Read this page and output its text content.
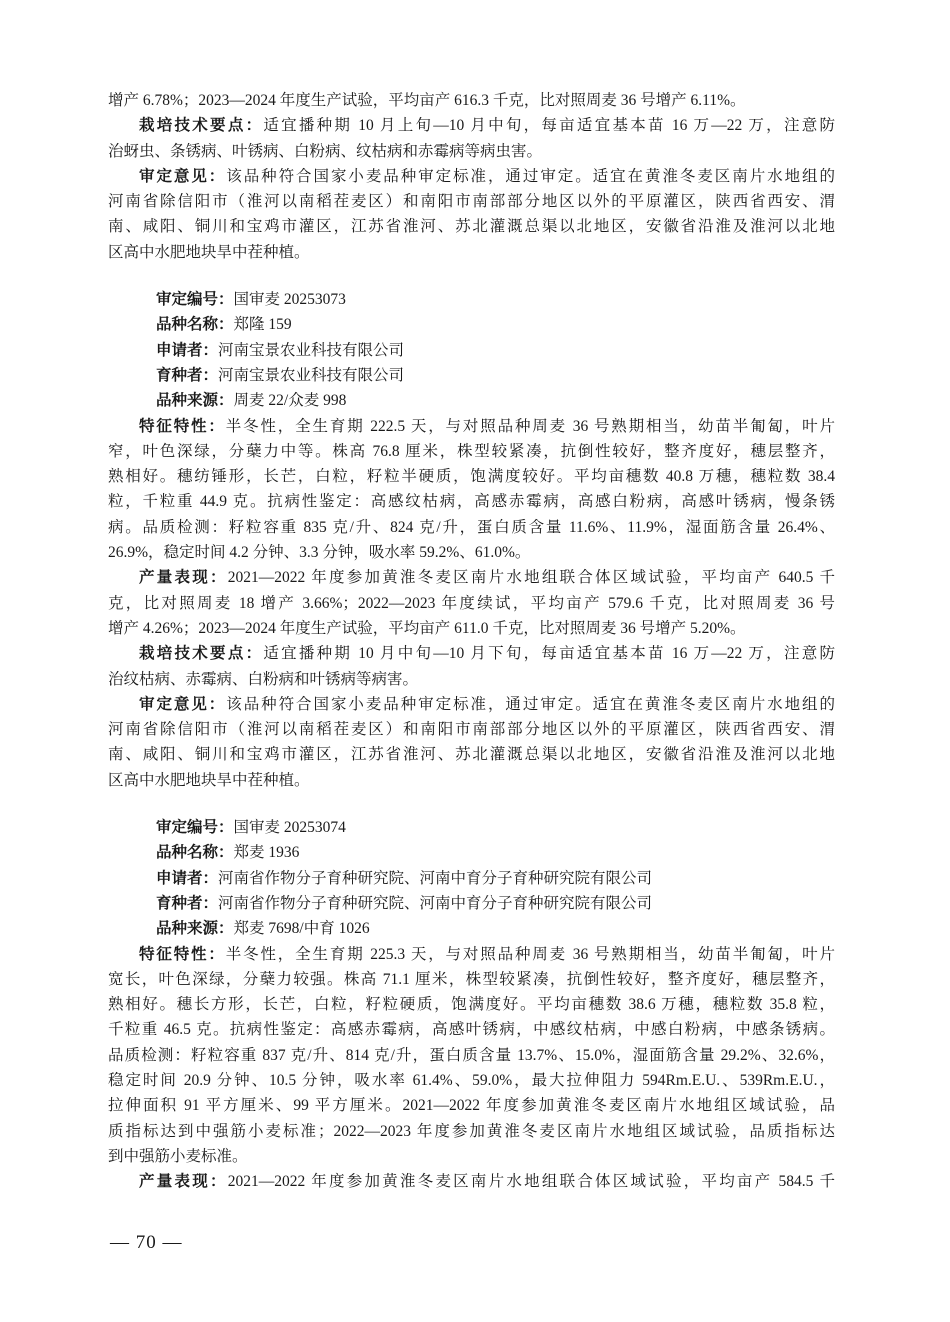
增产 6.78%；2023—2024 年度生产试验，平均亩产 616.3 千克，比对照周麦 36 号增产 6.11%。
栽培技术要点：适宜播种期 10 月上旬—10 月中旬，每亩适宜基本苗 16 万—22 万，注意防
治蚜虫、条锈病、叶锈病、白粉病、纹枯病和赤霉病等病虫害。
审定意见：该品种符合国家小麦品种审定标准，通过审定。适宜在黄淮冬麦区南片水地组的
河南省除信阳市（淮河以南稻茬麦区）和南阳市南部部分地区以外的平原灌区，陕西省西安、渭
南、咸阳、铜川和宝鸡市灌区，江苏省淮河、苏北灌溉总渠以北地区，安徽省沿淮及淮河以北地
区高中水肥地块旱中茬种植。
审定编号：国审麦 20253073
品种名称：郑隆 159
申请者：河南宝景农业科技有限公司
育种者：河南宝景农业科技有限公司
品种来源：周麦 22/众麦 998
特征特性：半冬性，全生育期 222.5 天，与对照品种周麦 36 号熟期相当，幼苗半匍匐，叶片
窄，叶色深绿，分蘖力中等。株高 76.8 厘米，株型较紧凑，抗倒性较好，整齐度好，穗层整齐，
熟相好。穗纺锤形，长芒，白粒，籽粒半硬质，饱满度较好。平均亩穗数 40.8 万穗，穗粒数 38.4
粒，千粒重 44.9 克。抗病性鉴定：高感纹枯病，高感赤霉病，高感白粉病，高感叶锈病，慢条锈
病。品质检测：籽粒容重 835 克/升、824 克/升，蛋白质含量 11.6%、11.9%，湿面筋含量 26.4%、
26.9%，稳定时间 4.2 分钟、3.3 分钟，吸水率 59.2%、61.0%。
产量表现：2021—2022 年度参加黄淮冬麦区南片水地组联合体区域试验，平均亩产 640.5 千
克，比对照周麦 18 增产 3.66%；2022—2023 年度续试，平均亩产 579.6 千克，比对照周麦 36 号
增产 4.26%；2023—2024 年度生产试验，平均亩产 611.0 千克，比对照周麦 36 号增产 5.20%。
栽培技术要点：适宜播种期 10 月中旬—10 月下旬，每亩适宜基本苗 16 万—22 万，注意防
治纹枯病、赤霉病、白粉病和叶锈病等病害。
审定意见：该品种符合国家小麦品种审定标准，通过审定。适宜在黄淮冬麦区南片水地组的
河南省除信阳市（淮河以南稻茬麦区）和南阳市南部部分地区以外的平原灌区，陕西省西安、渭
南、咸阳、铜川和宝鸡市灌区，江苏省淮河、苏北灌溉总渠以北地区，安徽省沿淮及淮河以北地
区高中水肥地块旱中茬种植。
审定编号：国审麦 20253074
品种名称：郑麦 1936
申请者：河南省作物分子育种研究院、河南中育分子育种研究院有限公司
育种者：河南省作物分子育种研究院、河南中育分子育种研究院有限公司
品种来源：郑麦 7698/中育 1026
特征特性：半冬性，全生育期 225.3 天，与对照品种周麦 36 号熟期相当，幼苗半匍匐，叶片
宽长，叶色深绿，分蘖力较强。株高 71.1 厘米，株型较紧凑，抗倒性较好，整齐度好，穗层整齐，
熟相好。穗长方形，长芒，白粒，籽粒硬质，饱满度好。平均亩穗数 38.6 万穗，穗粒数 35.8 粒，
千粒重 46.5 克。抗病性鉴定：高感赤霉病，高感叶锈病，中感纹枯病，中感白粉病，中感条锈病。
品质检测：籽粒容重 837 克/升、814 克/升，蛋白质含量 13.7%、15.0%，湿面筋含量 29.2%、32.6%，
稳定时间 20.9 分钟、10.5 分钟，吸水率 61.4%、59.0%，最大拉伸阻力 594Rm.E.U.、539Rm.E.U.，
拉伸面积 91 平方厘米、99 平方厘米。2021—2022 年度参加黄淮冬麦区南片水地组区域试验，品
质指标达到中强筋小麦标准；2022—2023 年度参加黄淮冬麦区南片水地组区域试验，品质指标达
到中强筋小麦标准。
产量表现：2021—2022 年度参加黄淮冬麦区南片水地组联合体区域试验，平均亩产 584.5 千
— 70 —
